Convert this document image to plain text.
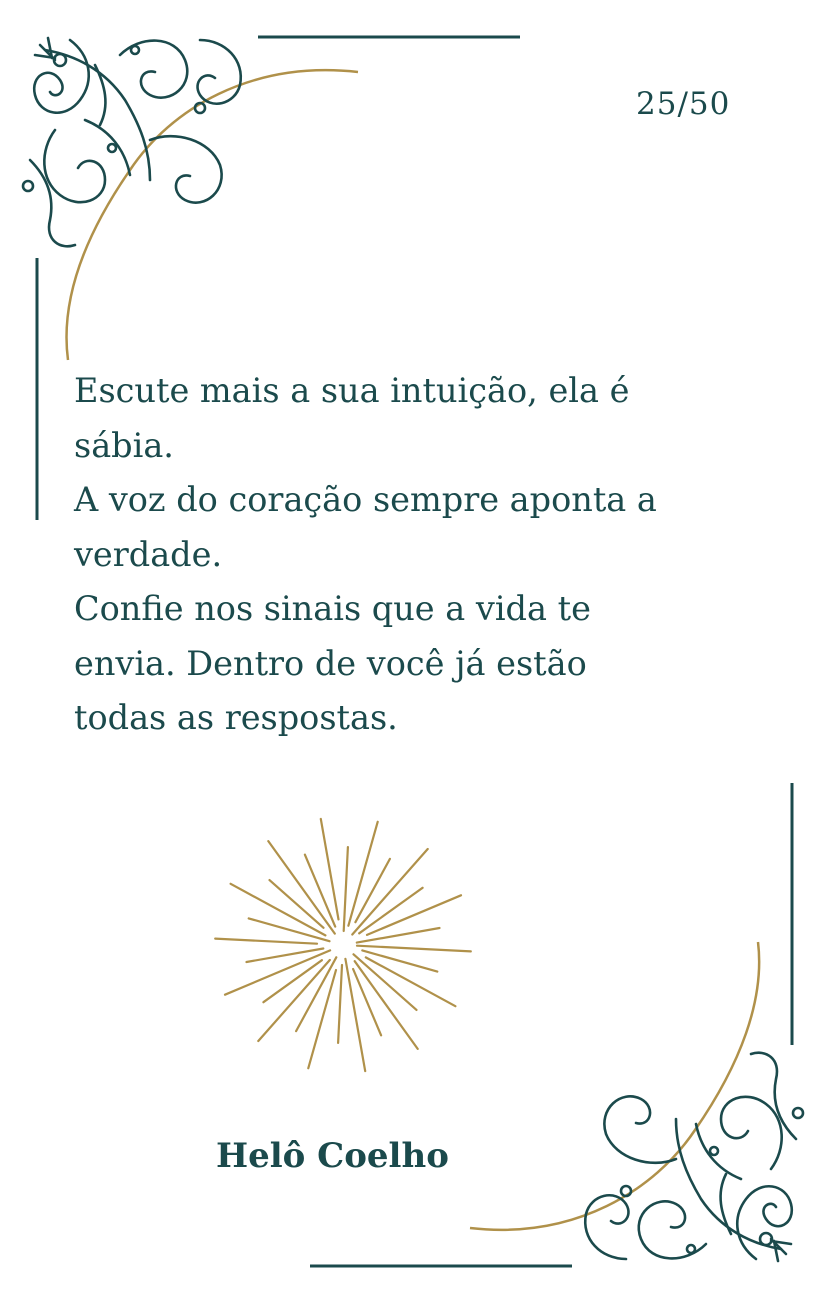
25/50
Escute mais a sua intuição, ela é
sábia.
A voz do coração sempre aponta a
verdade.
Confie nos sinais que a vida te
envia. Dentro de você já estão
todas as respostas.
Helô Coelho
